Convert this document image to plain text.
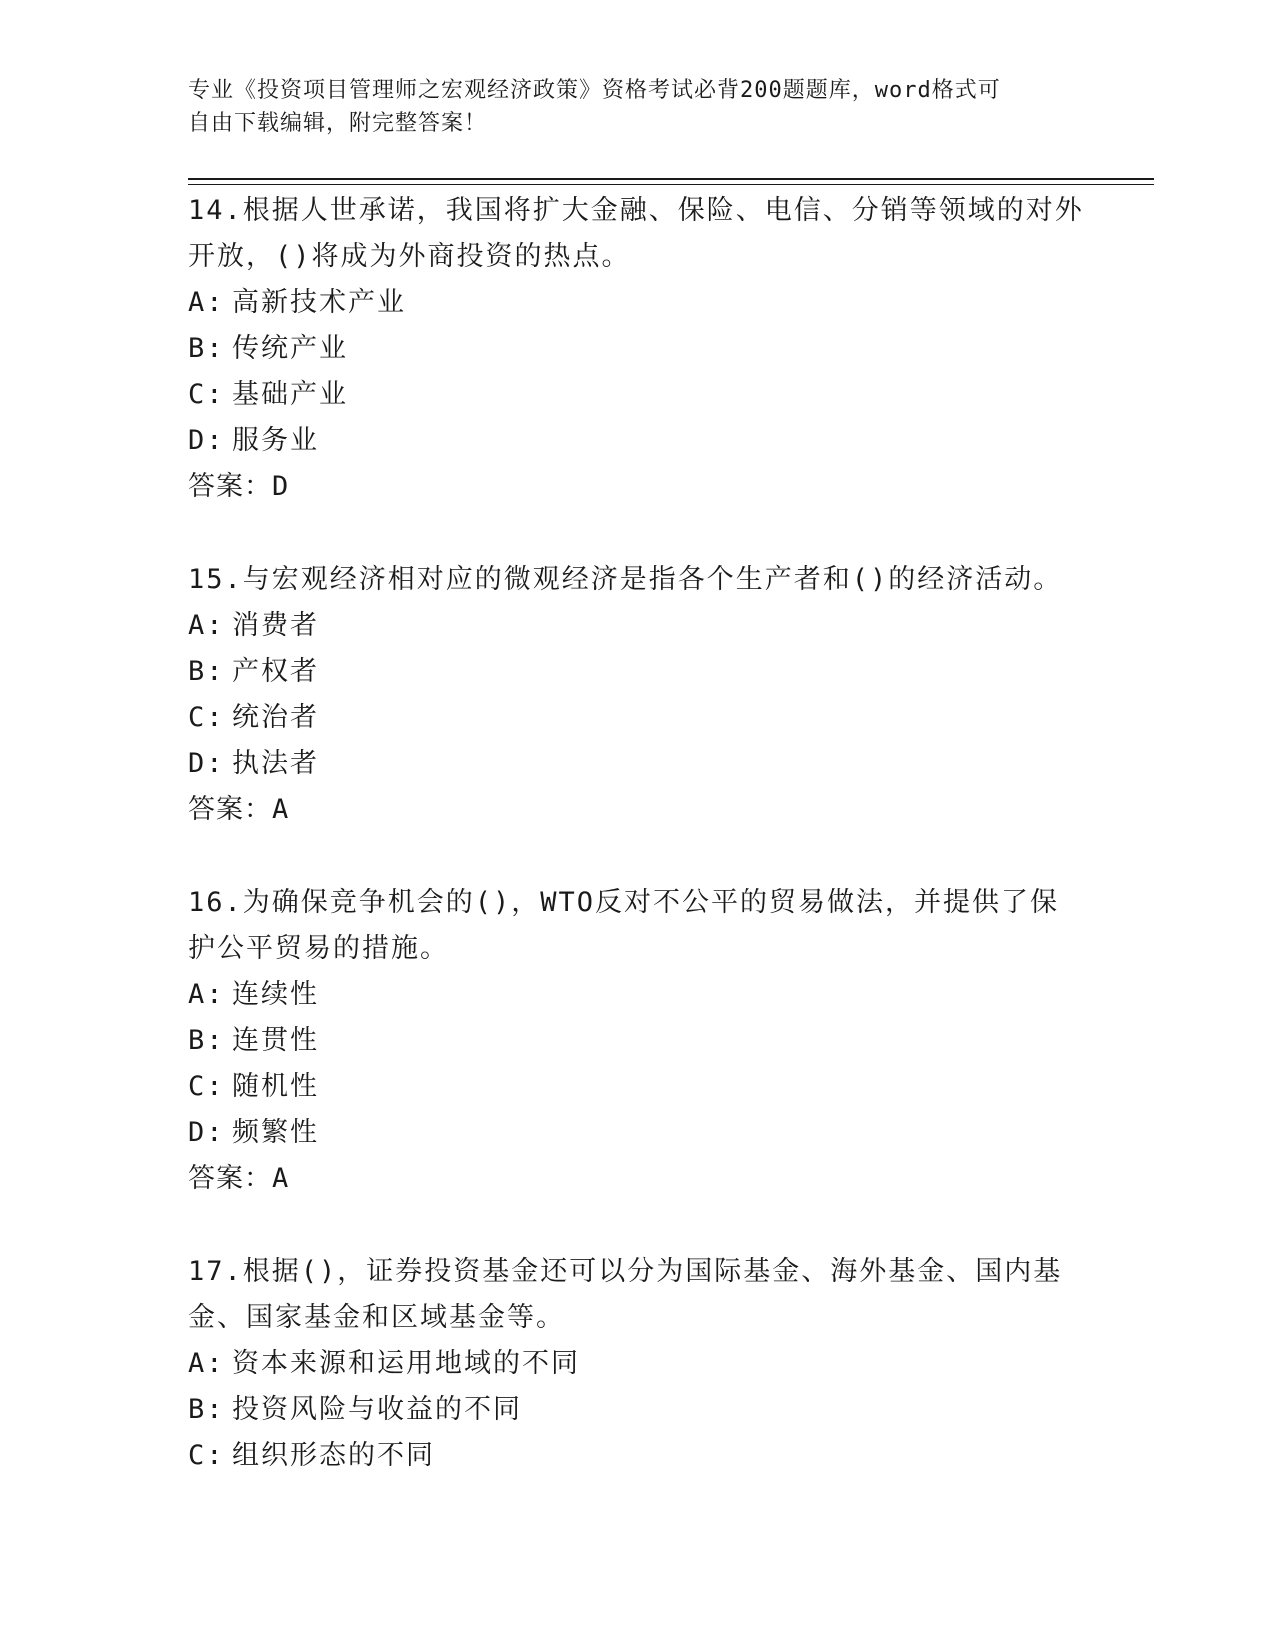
专业《投资项目管理师之宏观经济政策》资格考试必背200题题库，word格式可
自由下载编辑，附完整答案！
14.根据人世承诺，我国将扩大金融、保险、电信、分销等领域的对外开放，()将成为外商投资的热点。
A: 高新技术产业
B: 传统产业
C: 基础产业
D: 服务业
答案：D
15.与宏观经济相对应的微观经济是指各个生产者和()的经济活动。
A: 消费者
B: 产权者
C: 统治者
D: 执法者
答案：A
16.为确保竞争机会的()，WTO反对不公平的贸易做法，并提供了保护公平贸易的措施。
A: 连续性
B: 连贯性
C: 随机性
D: 频繁性
答案：A
17.根据()，证券投资基金还可以分为国际基金、海外基金、国内基金、国家基金和区域基金等。
A: 资本来源和运用地域的不同
B: 投资风险与收益的不同
C: 组织形态的不同
